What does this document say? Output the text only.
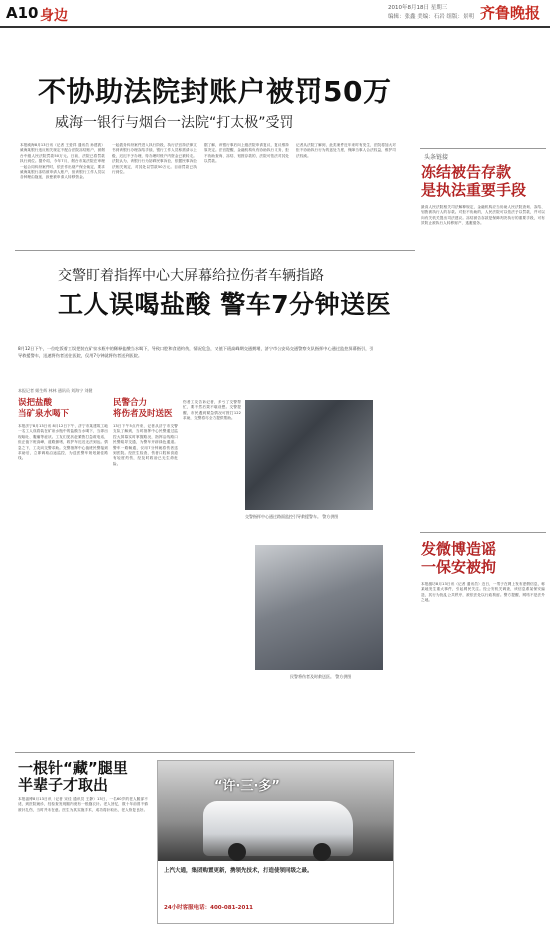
A10 身边	2010年8月18日 星期三
编辑：张鑫 美编：石岩 组版：景明 齐鲁晚报
不协助法院封账户被罚50万
威海一银行与烟台一法院“打太极”受罚
本报威海8月13日讯（记者 王爱祥 通讯员 孙建波）威海某银行违反相关规定不配合法院冻结账户，被烟台中级人民法院罚款50万元。日前，法院已将罚款执行到位。据介绍，今年7月，烟台市某法院在审理一起合同纠纷案件时，依法作出财产保全裁定，要求威海某银行冻结被申请人账户，但该银行工作人员以各种理由拖延，致使被申请人转移资金。
一起债务纠纷案件进入执行阶段，执行法官持法律文书到该银行办理冻结手续，银行工作人员称需请示上级，迟迟不予办理，待办理时账户内资金已被转走。法院认为，该银行行为妨碍民事诉讼，依据民事诉讼法相关规定，对其处以罚款50万元。目前罚款已执行到位。
据了解，该银行事后向上级法院申请复议，复议维持原决定。法官提醒，金融机构负有协助执行义务，拒不协助查询、冻结、划拨存款的，法院可依法对其处以罚款。
记者从法院了解到，此类案件近年来时有发生，法院将加大对拒不协助执行行为的惩处力度，保障当事人合法权益，维护司法权威。
交警盯着指挥中心大屏幕给拉伤者车辆指路
工人误喝盐酸 警车7分钟送医
8月12日下午，一位吃饭着工误把装在矿泉水瓶中的稀释盐酸当水喝下，导致口腔和食道灼伤，情况危急，又值下班高峰期交通拥堵，济宁市公安局交通警察支队指挥中心通过监控屏幕指引，引导救援警车，迅速将伤者送往医院，仅用7分钟就将伤者送到医院。
本报记者 姬生辉 林林 通讯员 刘海宁 刘健
误把盐酸
当矿泉水喝下
本报济宁8月13日讯 8月12日下午，济宁市某建筑工地一名工人误将装在矿泉水瓶中的盐酸当水喝下，当即出现呕吐、腹痛等症状。工友们见状赶紧拨打急救电话，但正值下班高峰，道路拥堵，救护车迟迟无法到达。情急之下，工友向交警求助。交警指挥中心值班民警接到求助后，立即调取沿途监控，为送医警车规划最佳路线。
民警合力
将伤者及时送医
13日下午5点许来，记者从济宁市交警支队了解到，当时指挥中心民警通过监控大屏幕实时掌握路况，指挥沿线路口民警疏导交通，为警车开辟绿色通道。警车一路畅通，仅用7分钟就将伤者送到医院。经医生检查，伤者口腔和食道有轻度灼伤，经及时救治已无生命危险。
伤者工友告诉记者，多亏了交警帮忙，要不然后果不堪设想。交警提醒，市民遇到紧急情况可拨打122求助，交警将尽全力提供帮助。
交警指挥中心通过路面监控引导救援警车。 警方供图
民警将伤者及时救送医。 警方供图
一根针“藏”腿里
半辈子才取出
本报淄博8月13日讯（记者 宋佳 通讯员 王静）13日，一名60岁的老人腿部不适，到医院就诊，经检查发现腿内竟有一根缝衣针。老人回忆，数十年前曾不慎被针扎伤，当时并未在意。医生为其实施手术，成功将针取出，老人恢复良好。
“许·三·多”
上汽大通，集团购置更新，携领先技术，打造使领同级之最。
24小时客服电话：400-081-2011
头条链接
冻结被告存款
是执法重要手段
最高人民法院相关司法解释规定，金融机构应当协助人民法院查询、冻结、划拨被执行人的存款。对拒不协助的，人民法院可以依法予以罚款，并可以向有关机关提出司法建议。冻结被告存款是保障判决执行的重要手段，可有效防止被执行人转移财产、逃避债务。
发微博造谣
一保安被拘
本报潍坊8月13日讯（记者 通讯员）近日，一男子在网上发布虚假信息，称某地发生重大事件，引起网民关注。经公安机关调查，该信息系某保安编造，其行为扰乱公共秩序，被依法处以行政拘留。警方提醒，网络不是法外之地。
